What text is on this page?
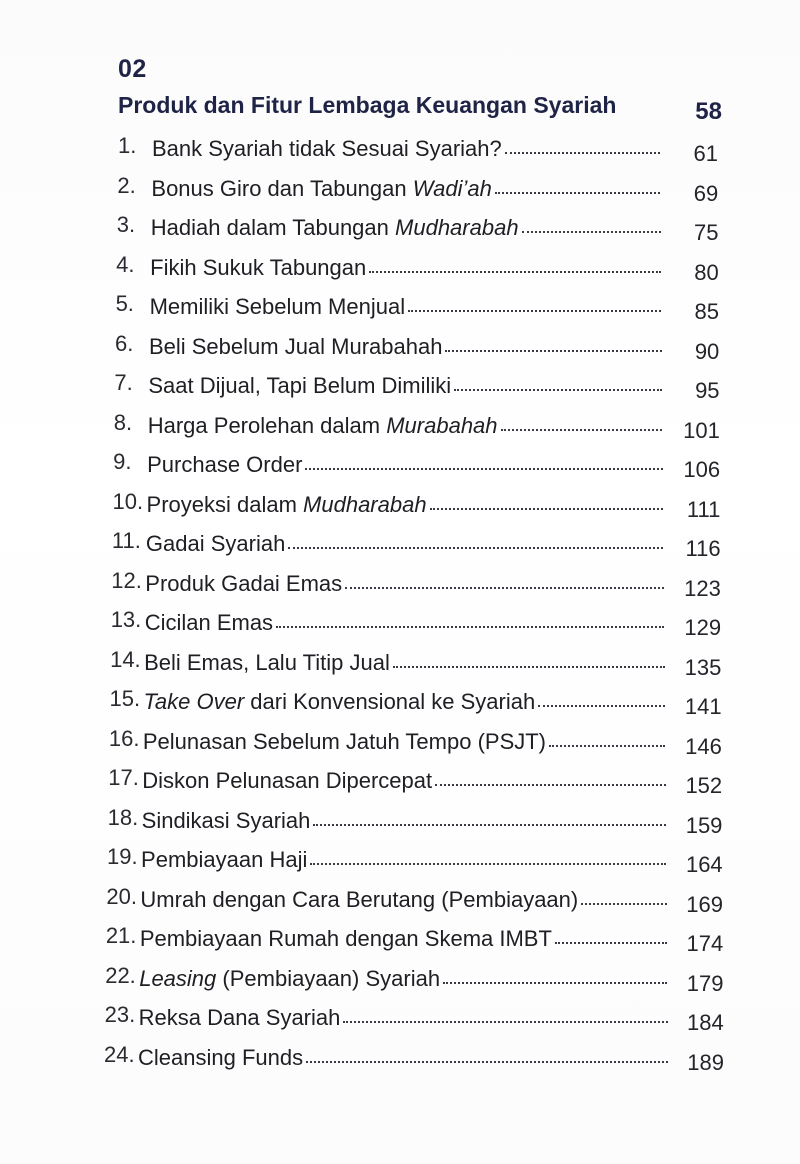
02
Produk dan Fitur Lembaga Keuangan Syariah	58
1. Bank Syariah tidak Sesuai Syariah?	61
2. Bonus Giro dan Tabungan Wadi’ah	69
3. Hadiah dalam Tabungan Mudharabah	75
4. Fikih Sukuk Tabungan	80
5. Memiliki Sebelum Menjual	85
6. Beli Sebelum Jual Murabahah	90
7. Saat Dijual, Tapi Belum Dimiliki	95
8. Harga Perolehan dalam Murabahah	101
9. Purchase Order	106
10. Proyeksi dalam Mudharabah	111
11. Gadai Syariah	116
12. Produk Gadai Emas	123
13. Cicilan Emas	129
14. Beli Emas, Lalu Titip Jual	135
15. Take Over dari Konvensional ke Syariah	141
16. Pelunasan Sebelum Jatuh Tempo (PSJT)	146
17. Diskon Pelunasan Dipercepat	152
18. Sindikasi Syariah	159
19. Pembiayaan Haji	164
20. Umrah dengan Cara Berutang (Pembiayaan)	169
21. Pembiayaan Rumah dengan Skema IMBT	174
22. Leasing (Pembiayaan) Syariah	179
23. Reksa Dana Syariah	184
24. Cleansing Funds	189
